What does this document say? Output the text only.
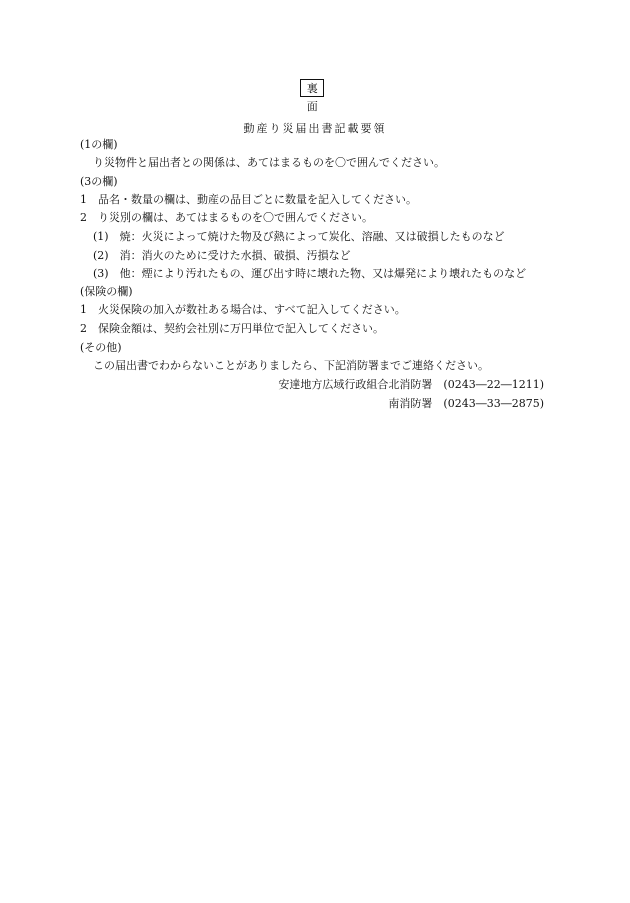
裏面
動産り災届出書記載要領
(1の欄)
り災物件と届出者との関係は、あてはまるものを〇で囲んでください。
(3の欄)
1　品名・数量の欄は、動産の品目ごとに数量を記入してください。
2　り災別の欄は、あてはまるものを〇で囲んでください。
(1)　焼：火災によって焼けた物及び熱によって炭化、溶融、又は破損したものなど
(2)　消：消火のために受けた水損、破損、汚損など
(3)　他：煙により汚れたもの、運び出す時に壊れた物、又は爆発により壊れたものなど
(保険の欄)
1　火災保険の加入が数社ある場合は、すべて記入してください。
2　保険金額は、契約会社別に万円単位で記入してください。
(その他)
この届出書でわからないことがありましたら、下記消防署までご連絡ください。
安達地方広域行政組合北消防署　(0243―22―1211)
南消防署　(0243―33―2875)
